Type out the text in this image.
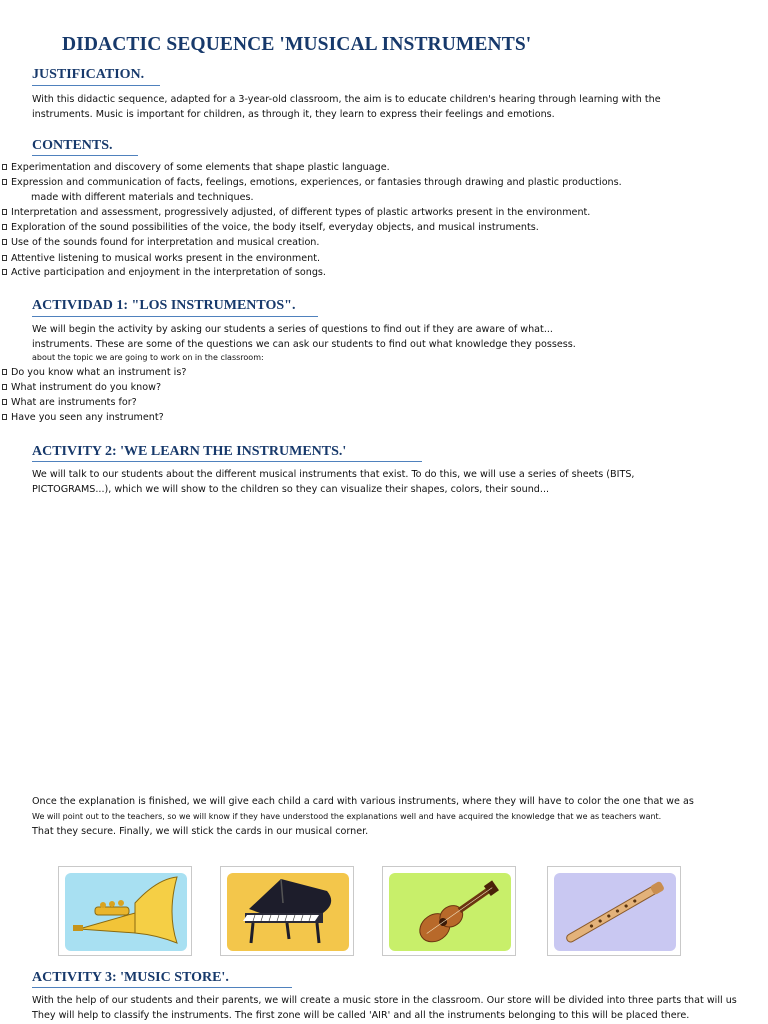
DIDACTIC SEQUENCE 'MUSICAL INSTRUMENTS'
JUSTIFICATION.
With this didactic sequence, adapted for a 3-year-old classroom, the aim is to educate children's hearing through learning with the
instruments. Music is important for children, as through it, they learn to express their feelings and emotions.
CONTENTS.
Experimentation and discovery of some elements that shape plastic language.
Expression and communication of facts, feelings, emotions, experiences, or fantasies through drawing and plastic productions.
made with different materials and techniques.
Interpretation and assessment, progressively adjusted, of different types of plastic artworks present in the environment.
Exploration of the sound possibilities of the voice, the body itself, everyday objects, and musical instruments.
Use of the sounds found for interpretation and musical creation.
Attentive listening to musical works present in the environment.
Active participation and enjoyment in the interpretation of songs.
ACTIVIDAD 1: "LOS INSTRUMENTOS".
We will begin the activity by asking our students a series of questions to find out if they are aware of what...
instruments. These are some of the questions we can ask our students to find out what knowledge they possess.
about the topic we are going to work on in the classroom:
Do you know what an instrument is?
What instrument do you know?
What are instruments for?
Have you seen any instrument?
ACTIVITY 2: 'WE LEARN THE INSTRUMENTS.'
We will talk to our students about the different musical instruments that exist. To do this, we will use a series of sheets (BITS,
PICTOGRAMS...), which we will show to the children so they can visualize their shapes, colors, their sound...
Once the explanation is finished, we will give each child a card with various instruments, where they will have to color the one that we as
We will point out to the teachers, so we will know if they have understood the explanations well and have acquired the knowledge that we as teachers want.
That they secure. Finally, we will stick the cards in our musical corner.
ACTIVITY 3: 'MUSIC STORE'.
With the help of our students and their parents, we will create a music store in the classroom. Our store will be divided into three parts that will us
They will help to classify the instruments. The first zone will be called 'AIR' and all the instruments belonging to this will be placed there.
